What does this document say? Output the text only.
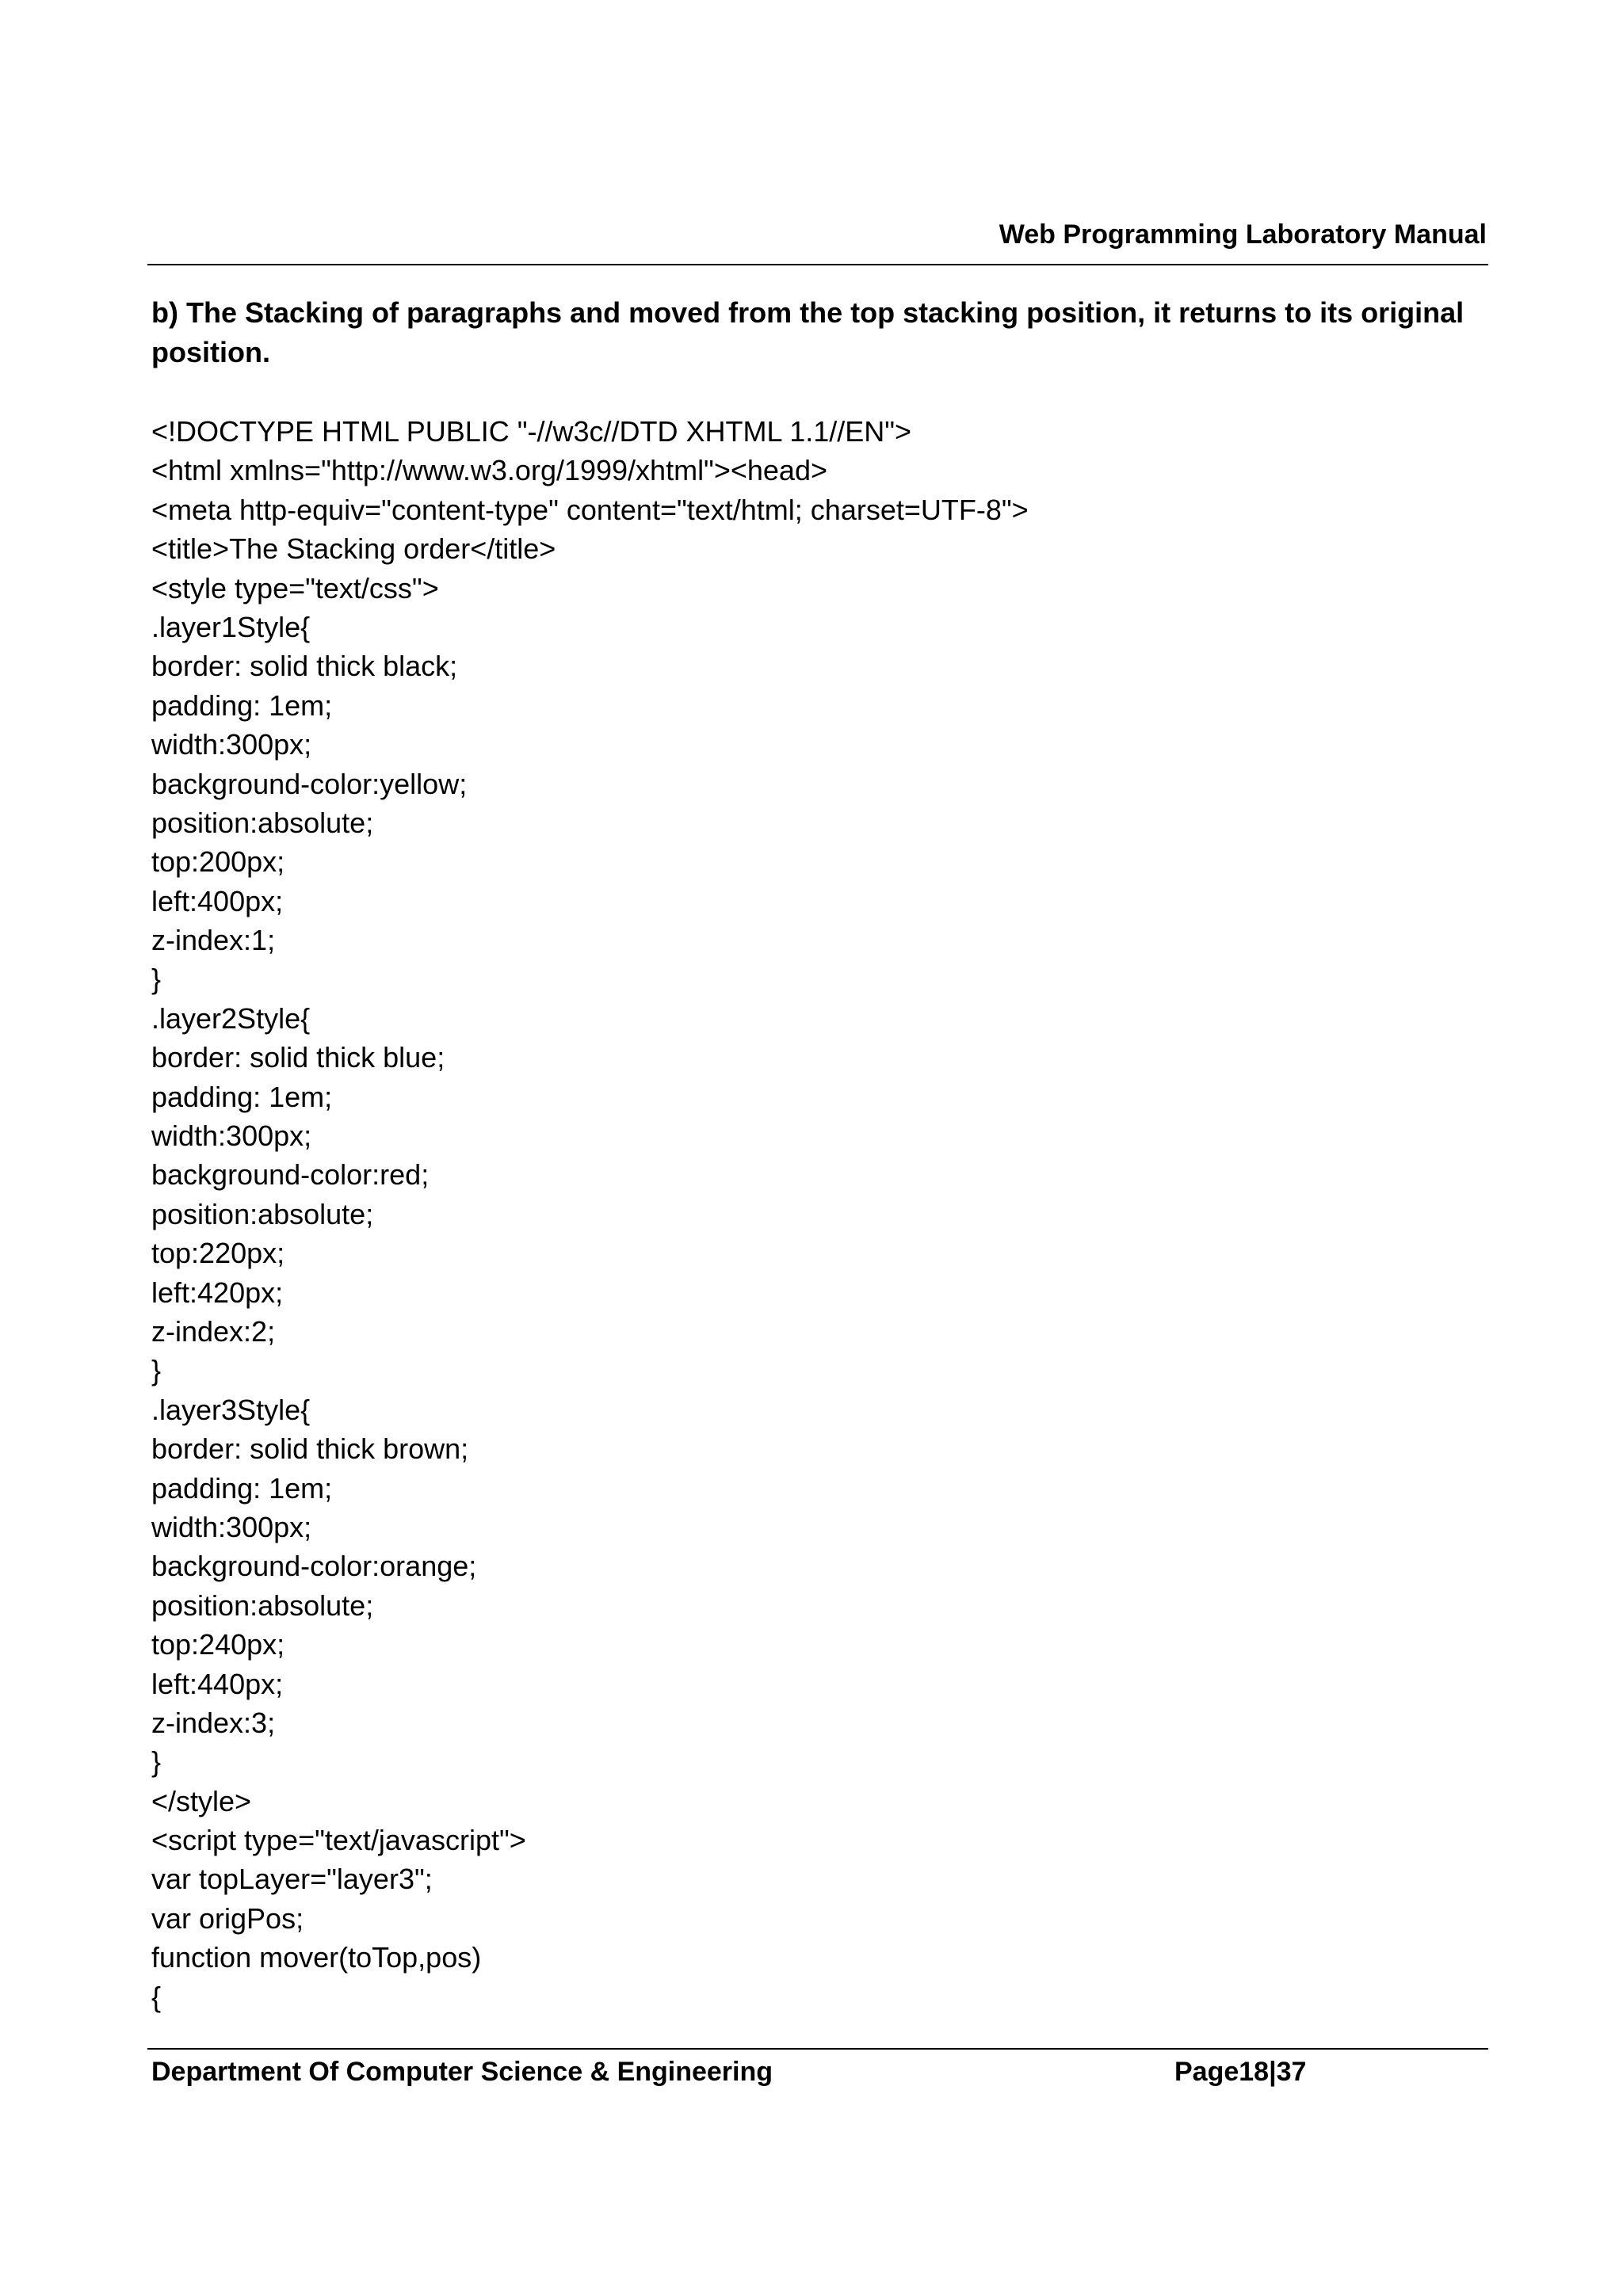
Web Programming Laboratory Manual
b) The Stacking of paragraphs and moved from the top stacking position, it returns to its original position.
<!DOCTYPE HTML PUBLIC "-//w3c//DTD XHTML 1.1//EN">
<html xmlns="http://www.w3.org/1999/xhtml"><head>
<meta http-equiv="content-type" content="text/html; charset=UTF-8">
<title>The Stacking order</title>
<style type="text/css">
.layer1Style{
border: solid thick black;
padding: 1em;
width:300px;
background-color:yellow;
position:absolute;
top:200px;
left:400px;
z-index:1;
}
.layer2Style{
border: solid thick blue;
padding: 1em;
width:300px;
background-color:red;
position:absolute;
top:220px;
left:420px;
z-index:2;
}
.layer3Style{
border: solid thick brown;
padding: 1em;
width:300px;
background-color:orange;
position:absolute;
top:240px;
left:440px;
z-index:3;
}
</style>
<script type="text/javascript">
var topLayer="layer3";
var origPos;
function mover(toTop,pos)
{
Department Of Computer Science & Engineering	Page18|37
